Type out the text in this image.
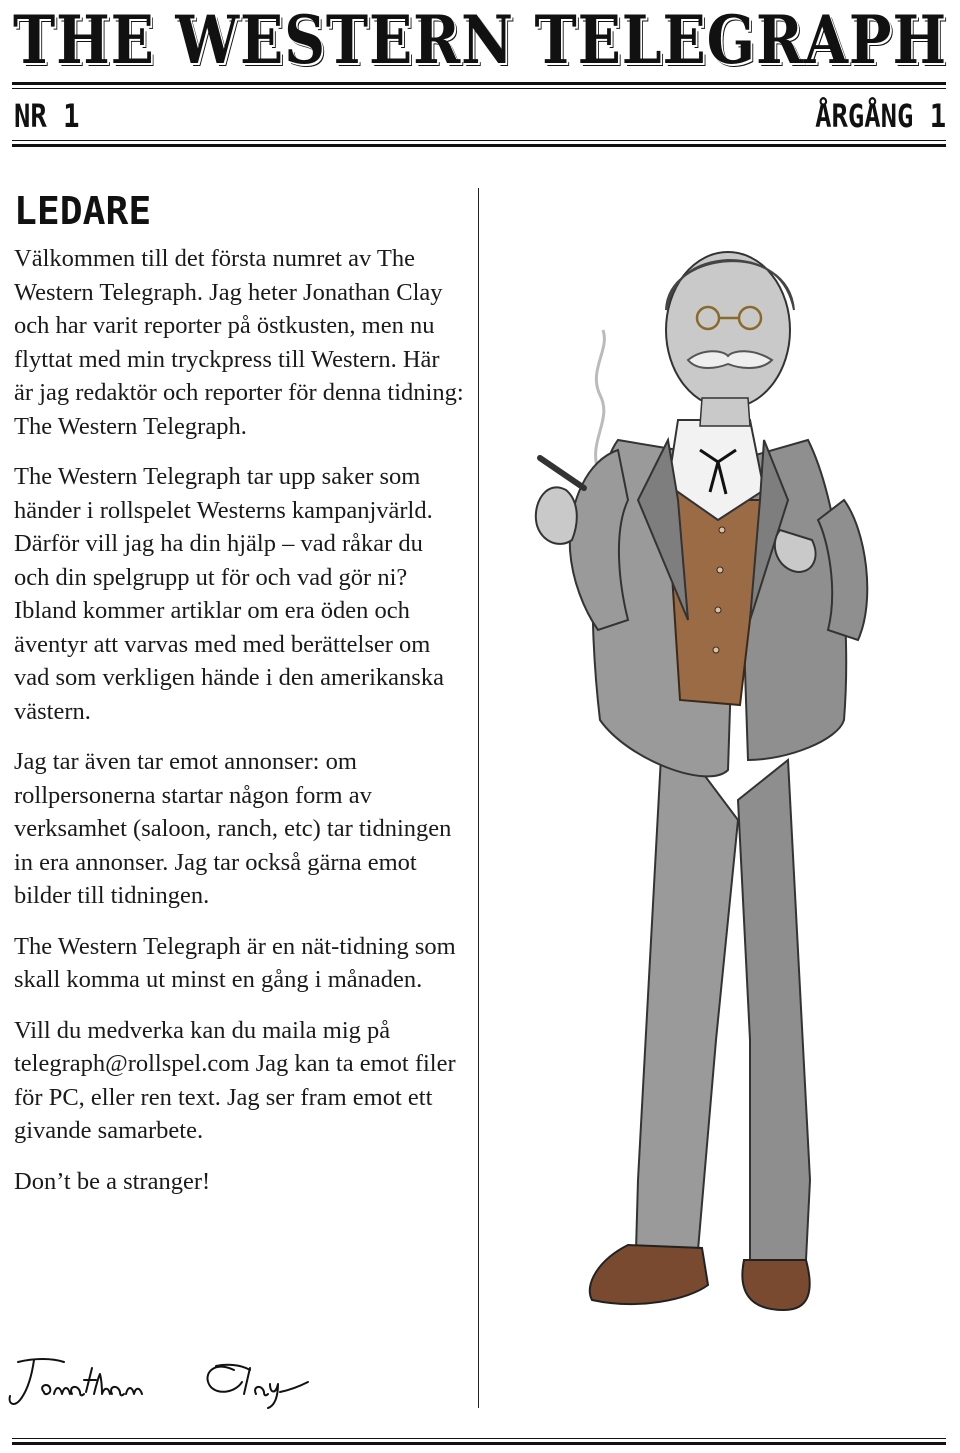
THE WESTERN TELEGRAPH
NR 1	ÅRGÅNG 1
LEDARE

Välkommen till det första numret av The Western Telegraph. Jag heter Jonathan Clay och har varit reporter på östkusten, men nu flyttat med min tryckpress till Western. Här är jag redaktör och reporter för denna tidning: The Western Telegraph.

The Western Telegraph tar upp saker som händer i rollspelet Westerns kampanjvärld. Därför vill jag ha din hjälp – vad råkar du och din spelgrupp ut för och vad gör ni? Ibland kommer artiklar om era öden och äventyr att varvas med med berättelser om vad som verkligen hände i den amerikanska västern.

Jag tar även tar emot annonser: om rollpersonerna startar någon form av verksamhet (saloon, ranch, etc) tar tidningen in era annonser. Jag tar också gärna emot bilder till tidningen.

The Western Telegraph är en nät-tidning som skall komma ut minst en gång i månaden.

Vill du medverka kan du maila mig på telegraph@rollspel.com Jag kan ta emot filer för PC, eller ren text. Jag ser fram emot ett givande samarbete.

Don’t be a stranger!
